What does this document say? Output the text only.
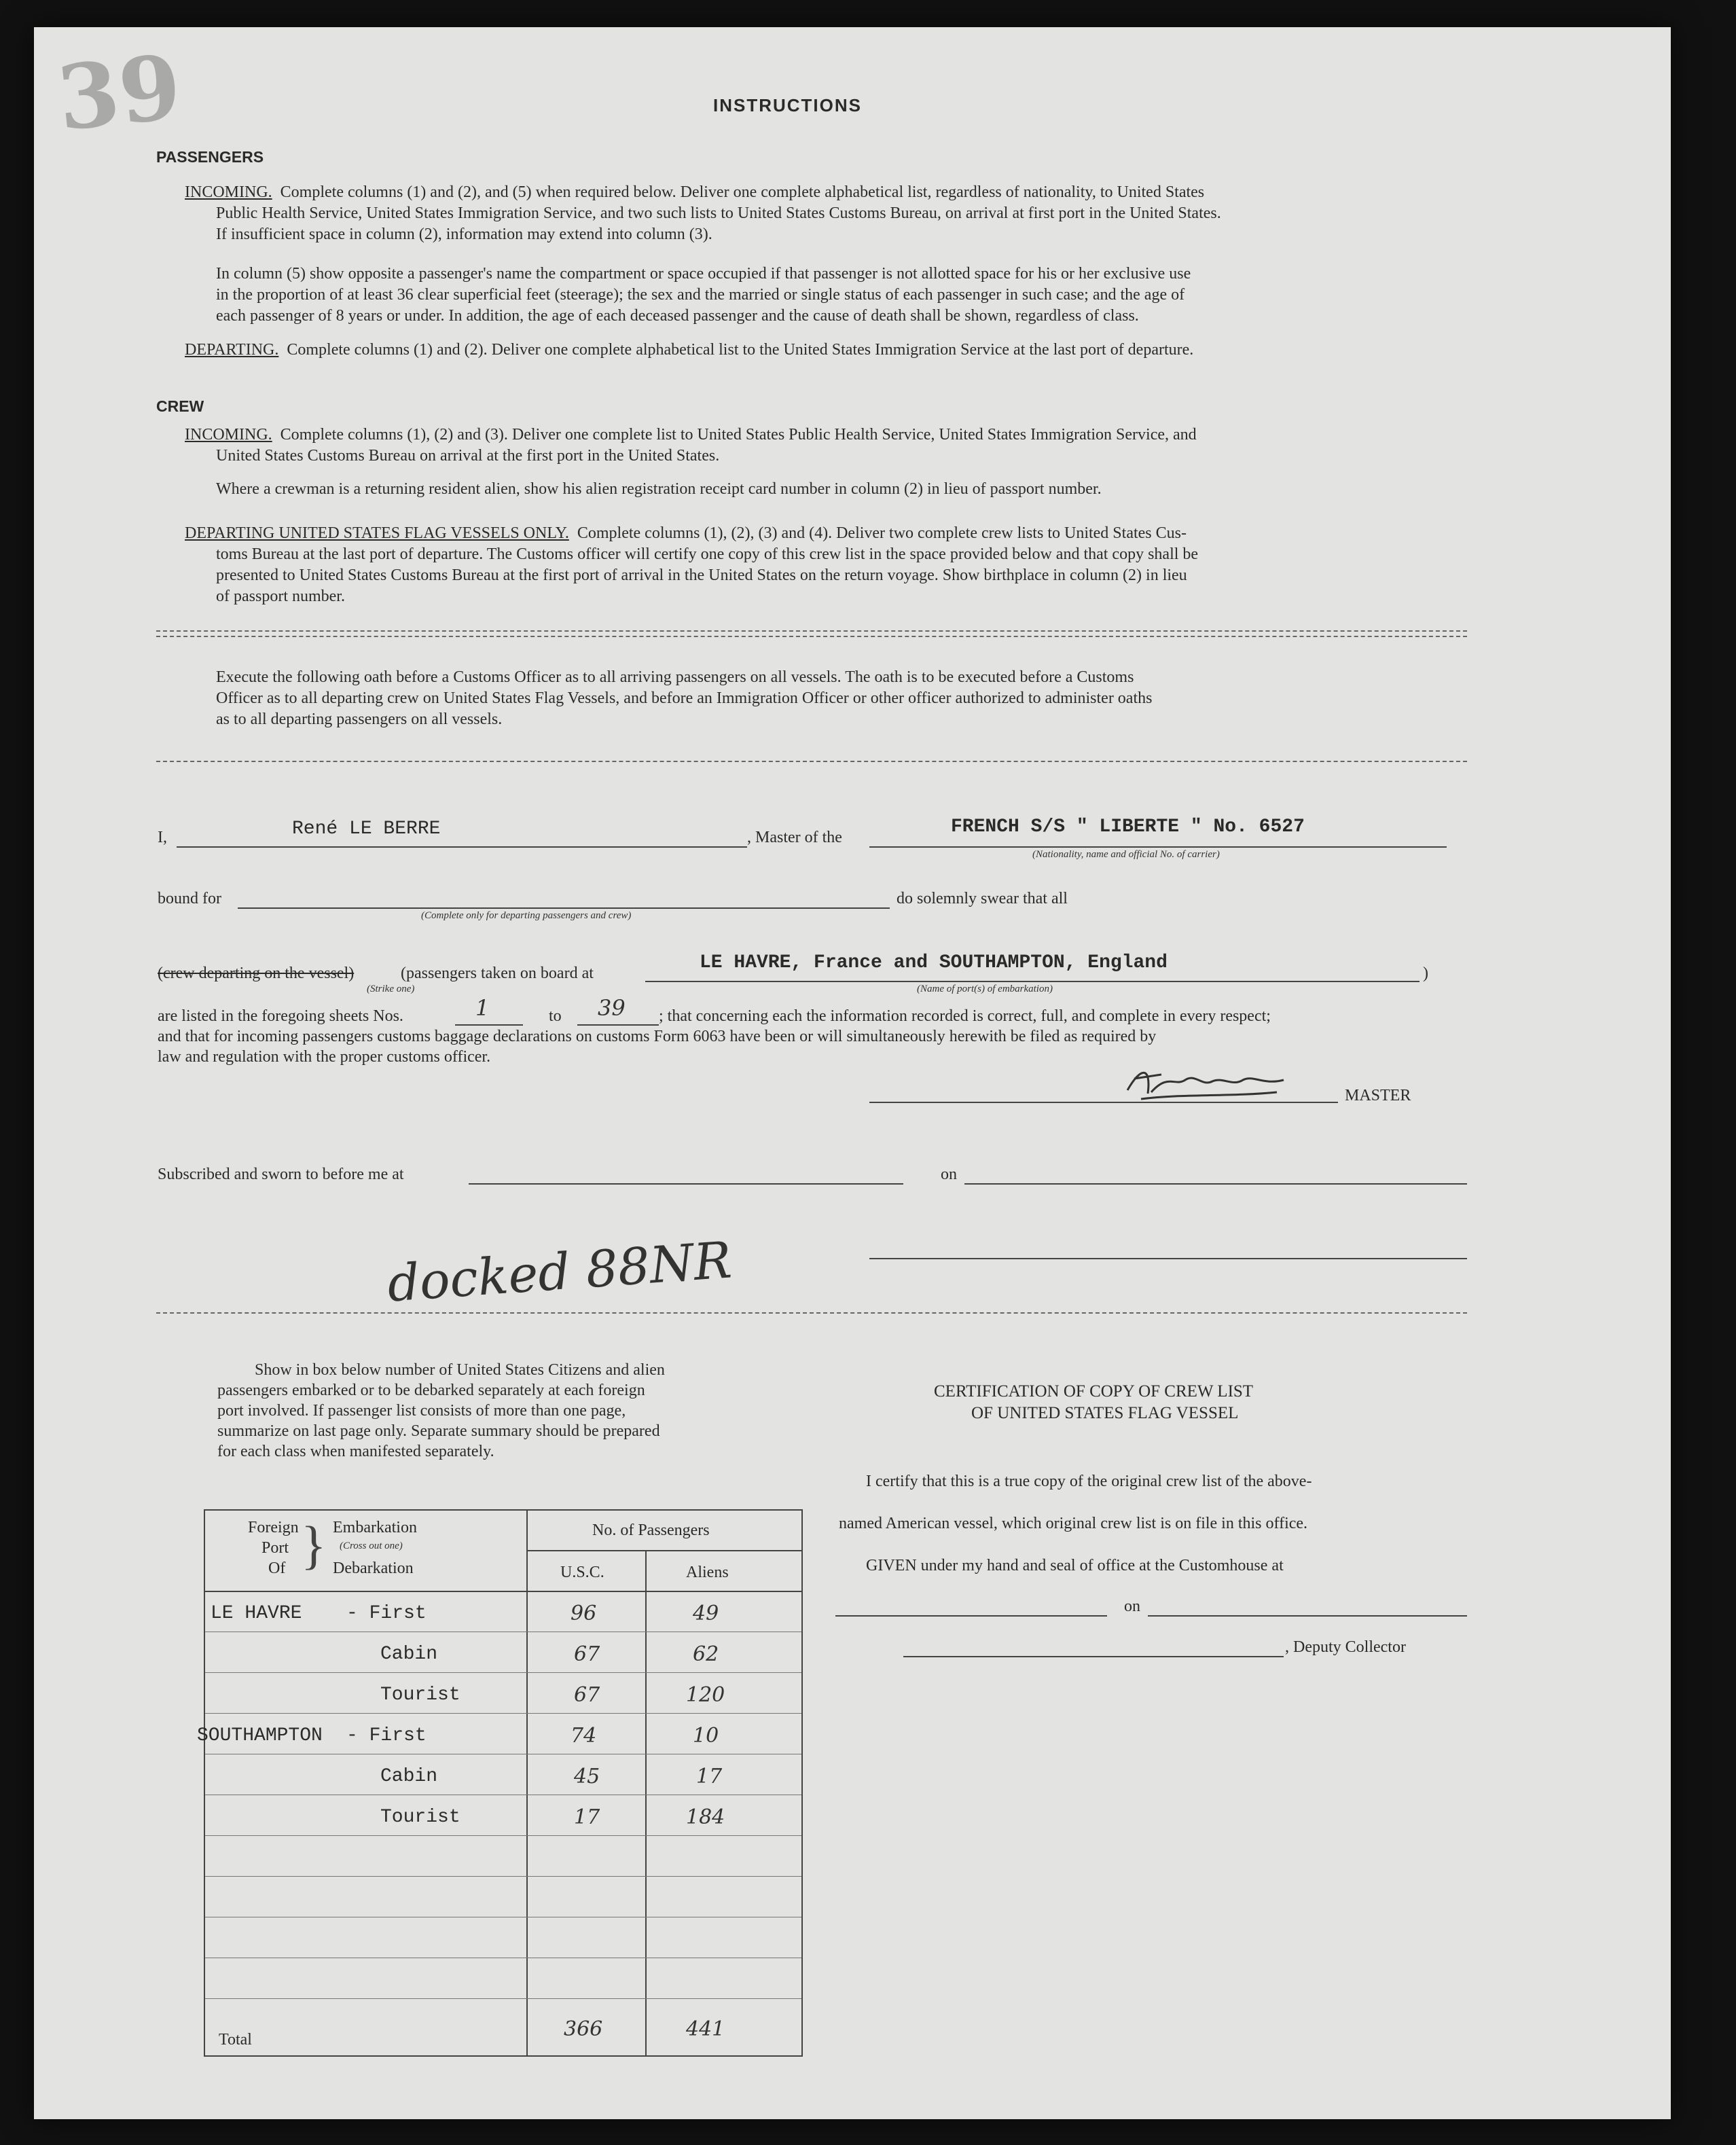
39	INSTRUCTIONS
PASSENGERS

INCOMING. Complete columns (1) and (2), and (5) when required below. Deliver one complete alphabetical list, regardless of nationality, to United States

Public Health Service, United States Immigration Service, and two such lists to United States Customs Bureau, on arrival at first port in the United States.

If insufficient space in column (2), information may extend into column (3).

In column (5) show opposite a passenger's name the compartment or space occupied if that passenger is not allotted space for his or her exclusive use

in the proportion of at least 36 clear superficial feet (steerage); the sex and the married or single status of each passenger in such case; and the age of

each passenger of 8 years or under. In addition, the age of each deceased passenger and the cause of death shall be shown, regardless of class.

DEPARTING. Complete columns (1) and (2). Deliver one complete alphabetical list to the United States Immigration Service at the last port of departure.

CREW

INCOMING. Complete columns (1), (2) and (3). Deliver one complete list to United States Public Health Service, United States Immigration Service, and

United States Customs Bureau on arrival at the first port in the United States.

Where a crewman is a returning resident alien, show his alien registration receipt card number in column (2) in lieu of passport number.

DEPARTING UNITED STATES FLAG VESSELS ONLY. Complete columns (1), (2), (3) and (4). Deliver two complete crew lists to United States Cus-

toms Bureau at the last port of departure. The Customs officer will certify one copy of this crew list in the space provided below and that copy shall be

presented to United States Customs Bureau at the first port of arrival in the United States on the return voyage. Show birthplace in column (2) in lieu

of passport number.

Execute the following oath before a Customs Officer as to all arriving passengers on all vessels. The oath is to be executed before a Customs

Officer as to all departing crew on United States Flag Vessels, and before an Immigration Officer or other officer authorized to administer oaths

as to all departing passengers on all vessels.

I,	René LE BERRE	, Master of the	FRENCH S/S " LIBERTE " No. 6527
(Nationality, name and official No. of carrier)
bound for
(Complete only for departing passengers and crew)
do solemnly swear that all
(crew departing on the vessel)
(Strike one)
(passengers taken on board at	LE HAVRE, France and SOUTHAMPTON, England
(Name of port(s) of embarkation)
)
are listed in the foregoing sheets Nos.	1	to 39 ; that concerning each the information recorded is correct, full, and complete in every respect;
and that for incoming passengers customs baggage declarations on customs Form 6063 have been or will simultaneously herewith be filed as required by
law and regulation with the proper customs officer.
MASTER
Subscribed and sworn to before me at	on
docked 88NR

Show in box below number of United States Citizens and alien

passengers embarked or to be debarked separately at each foreign

port involved. If passenger list consists of more than one page,

summarize on last page only. Separate summary should be prepared

for each class when manifested separately.

Foreign
Port
Of } Embarkation
(Cross out one)
Debarkation
No. of Passengers
U.S.C.	Aliens
LE HAVRE - First	96	49
Cabin	67	62
Tourist	67	120
SOUTHAMPTON - First	74	10
Cabin	45	17
Tourist	17	184
Total	366	441
CERTIFICATION OF COPY OF CREW LIST
OF UNITED STATES FLAG VESSEL
I certify that this is a true copy of the original crew list of the above-
named American vessel, which original crew list is on file in this office.
GIVEN under my hand and seal of office at the Customhouse at
on
, Deputy Collector
